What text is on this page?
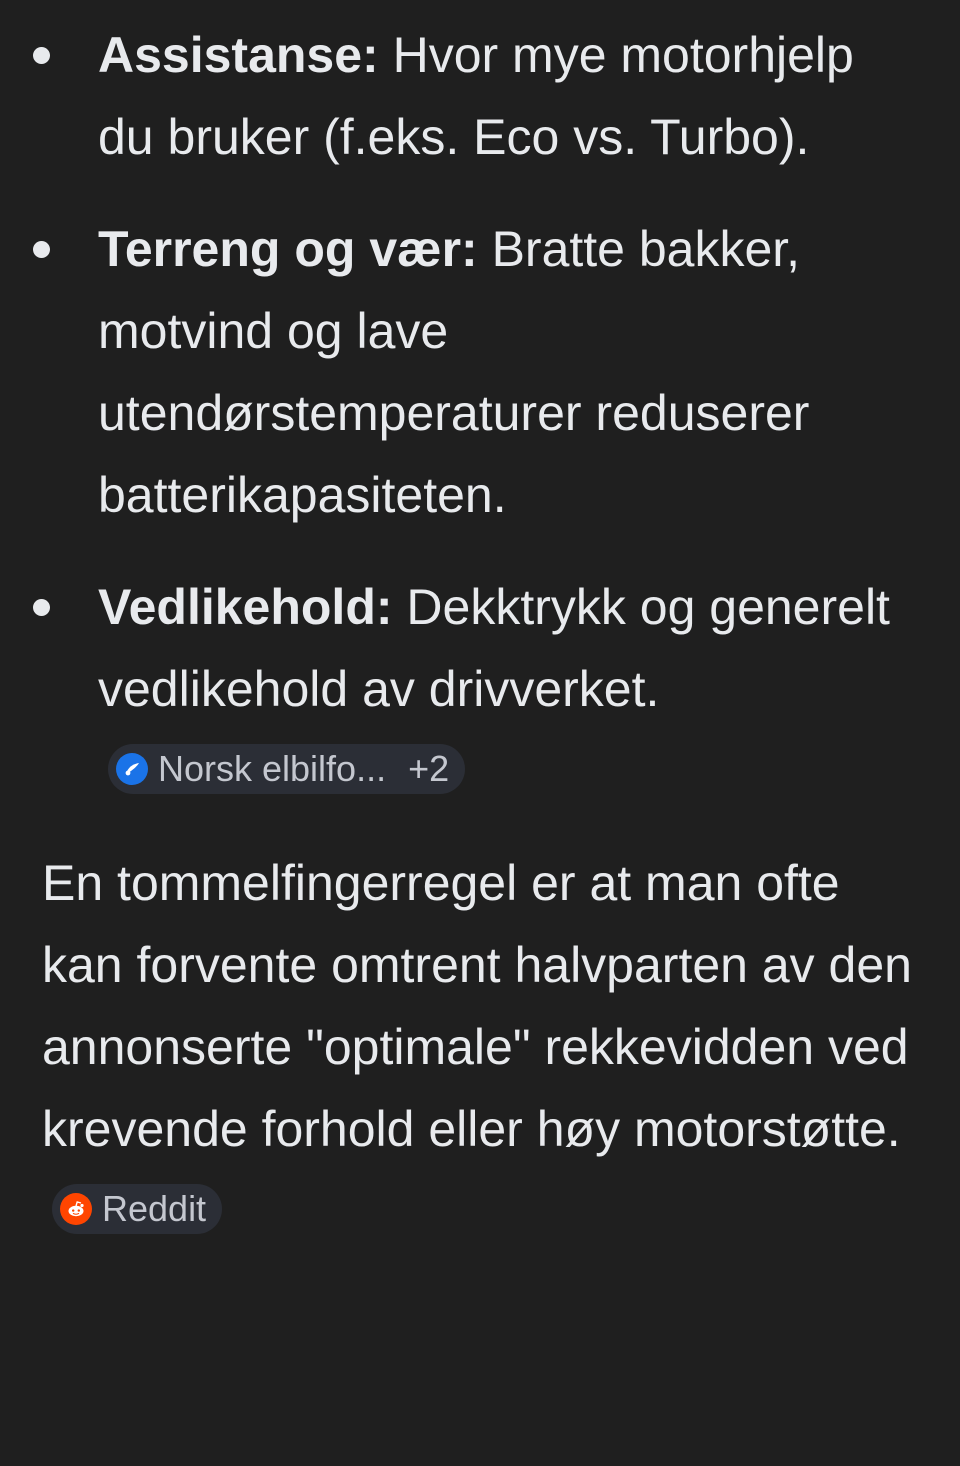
Assistanse: Hvor mye motorhjelp du bruker (f.eks. Eco vs. Turbo).
Terreng og vær: Bratte bakker, motvind og lave utendørstemperaturer reduserer batterikapasiteten.
Vedlikehold: Dekktrykk og generelt vedlikehold av drivverket.
Norsk elbilfo... +2

En tommelfingerregel er at man ofte kan forvente omtrent halvparten av den annonserte "optimale" rekkevidden ved krevende forhold eller høy motorstøtte.
Reddit
